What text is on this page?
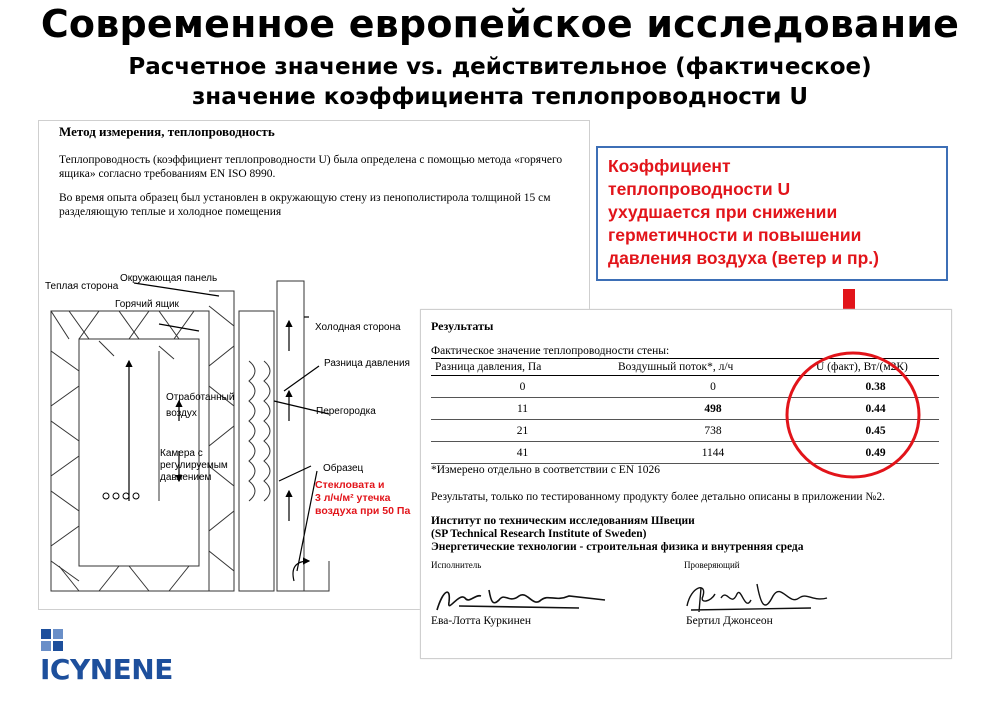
Современное европейское исследование
Расчетное значение vs. действительное (фактическое)
значение коэффициента теплопроводности U
Метод измерения, теплопроводность
Теплопроводность (коэффициент теплопроводности U) была определена с помощью метода «горячего ящика» согласно требованиям EN ISO 8990.
Во время опыта образец был установлен в окружающую стену из пенополистирола толщиной 15 см разделяющую теплые и холодное помещения
Теплая сторона
Окружающая панель
Горячий ящик
Холодная сторона
Разница давления
Отработанный
воздух	Перегородка
Камера с
регулируемым
давлением
Образец
Стекловата и
3 л/ч/м² утечка
воздуха при 50 Па
Коэффициент
теплопроводности U
ухудшается при снижении
герметичности и повышении
давления воздуха (ветер и пр.)
Результаты
Фактическое значение теплопроводности стены:
Разница давления, Па	Воздушный поток*, л/ч	U (факт), Вт/(м2К)
0	0	0.38
11	498	0.44
21	738	0.45
41	1144	0.49
*Измерено отдельно в соответствии с EN 1026
Результаты, только по тестированному продукту более детально описаны в приложении №2.
Институт по техническим исследованиям Швеции
(SP Technical Research Institute of Sweden)
Энергетические технологии - строительная физика и внутренняя среда
Исполнитель	Проверяющий
Ева-Лотта Куркинен	Бертил Джонсеон
ICYNENE
